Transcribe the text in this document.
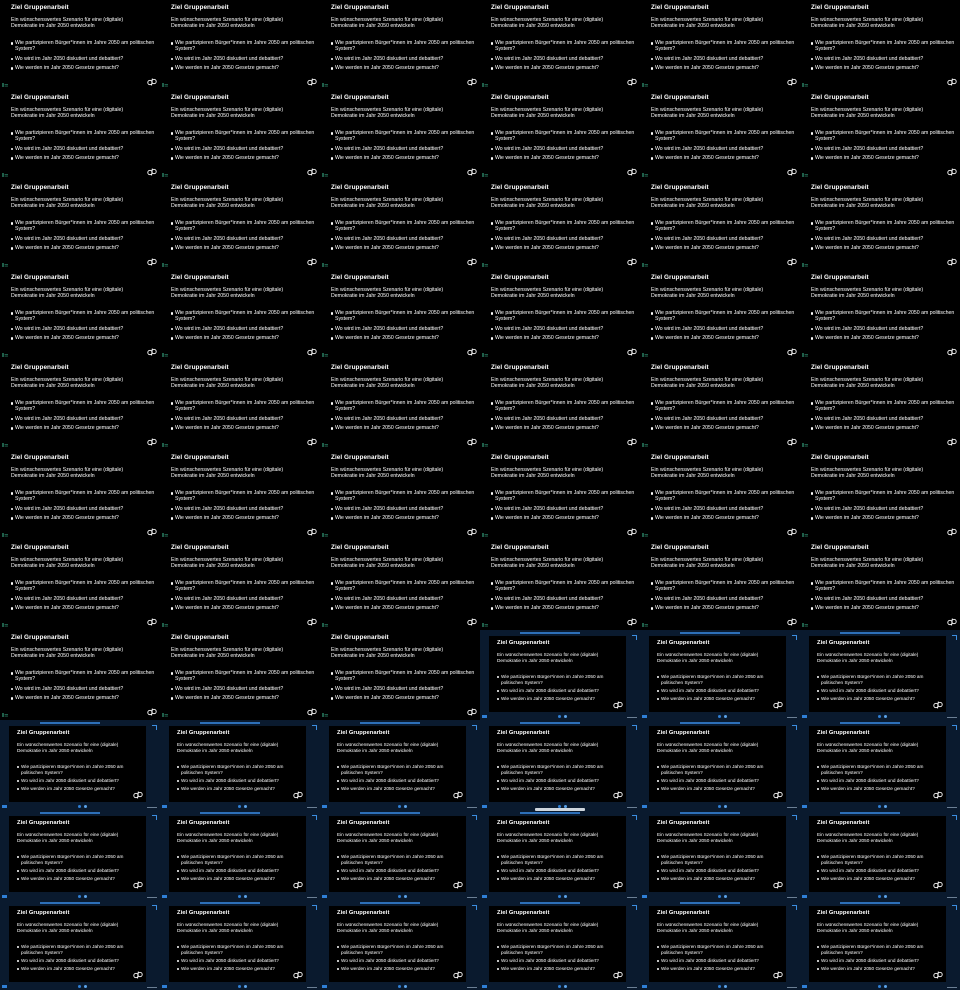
Ziel Gruppenarbeit
Ein wünschenswertes Szenario für eine (digitale) Demokratie im Jahr 2050 entwickeln
Wie partizipieren Bürger*innen im Jahre 2050 am politischen System?
Wo wird im Jahr 2050 diskutiert und debattiert?
Wie werden im Jahr 2050 Gesetze gemacht?
Ziel Gruppenarbeit
Ein wünschenswertes Szenario für eine (digitale) Demokratie im Jahr 2050 entwickeln
Wie partizipieren Bürger*innen im Jahre 2050 am politischen System?
Wo wird im Jahr 2050 diskutiert und debattiert?
Wie werden im Jahr 2050 Gesetze gemacht?
Ziel Gruppenarbeit
Ein wünschenswertes Szenario für eine (digitale) Demokratie im Jahr 2050 entwickeln
Wie partizipieren Bürger*innen im Jahre 2050 am politischen System?
Wo wird im Jahr 2050 diskutiert und debattiert?
Wie werden im Jahr 2050 Gesetze gemacht?
Ziel Gruppenarbeit
Ein wünschenswertes Szenario für eine (digitale) Demokratie im Jahr 2050 entwickeln
Wie partizipieren Bürger*innen im Jahre 2050 am politischen System?
Wo wird im Jahr 2050 diskutiert und debattiert?
Wie werden im Jahr 2050 Gesetze gemacht?
Ziel Gruppenarbeit
Ein wünschenswertes Szenario für eine (digitale) Demokratie im Jahr 2050 entwickeln
Wie partizipieren Bürger*innen im Jahre 2050 am politischen System?
Wo wird im Jahr 2050 diskutiert und debattiert?
Wie werden im Jahr 2050 Gesetze gemacht?
Ziel Gruppenarbeit
Ein wünschenswertes Szenario für eine (digitale) Demokratie im Jahr 2050 entwickeln
Wie partizipieren Bürger*innen im Jahre 2050 am politischen System?
Wo wird im Jahr 2050 diskutiert und debattiert?
Wie werden im Jahr 2050 Gesetze gemacht?
Ziel Gruppenarbeit
Ein wünschenswertes Szenario für eine (digitale) Demokratie im Jahr 2050 entwickeln
Wie partizipieren Bürger*innen im Jahre 2050 am politischen System?
Wo wird im Jahr 2050 diskutiert und debattiert?
Wie werden im Jahr 2050 Gesetze gemacht?
Ziel Gruppenarbeit
Ein wünschenswertes Szenario für eine (digitale) Demokratie im Jahr 2050 entwickeln
Wie partizipieren Bürger*innen im Jahre 2050 am politischen System?
Wo wird im Jahr 2050 diskutiert und debattiert?
Wie werden im Jahr 2050 Gesetze gemacht?
Ziel Gruppenarbeit
Ein wünschenswertes Szenario für eine (digitale) Demokratie im Jahr 2050 entwickeln
Wie partizipieren Bürger*innen im Jahre 2050 am politischen System?
Wo wird im Jahr 2050 diskutiert und debattiert?
Wie werden im Jahr 2050 Gesetze gemacht?
Ziel Gruppenarbeit
Ein wünschenswertes Szenario für eine (digitale) Demokratie im Jahr 2050 entwickeln
Wie partizipieren Bürger*innen im Jahre 2050 am politischen System?
Wo wird im Jahr 2050 diskutiert und debattiert?
Wie werden im Jahr 2050 Gesetze gemacht?
Ziel Gruppenarbeit
Ein wünschenswertes Szenario für eine (digitale) Demokratie im Jahr 2050 entwickeln
Wie partizipieren Bürger*innen im Jahre 2050 am politischen System?
Wo wird im Jahr 2050 diskutiert und debattiert?
Wie werden im Jahr 2050 Gesetze gemacht?
Ziel Gruppenarbeit
Ein wünschenswertes Szenario für eine (digitale) Demokratie im Jahr 2050 entwickeln
Wie partizipieren Bürger*innen im Jahre 2050 am politischen System?
Wo wird im Jahr 2050 diskutiert und debattiert?
Wie werden im Jahr 2050 Gesetze gemacht?
Ziel Gruppenarbeit
Ein wünschenswertes Szenario für eine (digitale) Demokratie im Jahr 2050 entwickeln
Wie partizipieren Bürger*innen im Jahre 2050 am politischen System?
Wo wird im Jahr 2050 diskutiert und debattiert?
Wie werden im Jahr 2050 Gesetze gemacht?
Ziel Gruppenarbeit
Ein wünschenswertes Szenario für eine (digitale) Demokratie im Jahr 2050 entwickeln
Wie partizipieren Bürger*innen im Jahre 2050 am politischen System?
Wo wird im Jahr 2050 diskutiert und debattiert?
Wie werden im Jahr 2050 Gesetze gemacht?
Ziel Gruppenarbeit
Ein wünschenswertes Szenario für eine (digitale) Demokratie im Jahr 2050 entwickeln
Wie partizipieren Bürger*innen im Jahre 2050 am politischen System?
Wo wird im Jahr 2050 diskutiert und debattiert?
Wie werden im Jahr 2050 Gesetze gemacht?
Ziel Gruppenarbeit
Ein wünschenswertes Szenario für eine (digitale) Demokratie im Jahr 2050 entwickeln
Wie partizipieren Bürger*innen im Jahre 2050 am politischen System?
Wo wird im Jahr 2050 diskutiert und debattiert?
Wie werden im Jahr 2050 Gesetze gemacht?
Ziel Gruppenarbeit
Ein wünschenswertes Szenario für eine (digitale) Demokratie im Jahr 2050 entwickeln
Wie partizipieren Bürger*innen im Jahre 2050 am politischen System?
Wo wird im Jahr 2050 diskutiert und debattiert?
Wie werden im Jahr 2050 Gesetze gemacht?
Ziel Gruppenarbeit
Ein wünschenswertes Szenario für eine (digitale) Demokratie im Jahr 2050 entwickeln
Wie partizipieren Bürger*innen im Jahre 2050 am politischen System?
Wo wird im Jahr 2050 diskutiert und debattiert?
Wie werden im Jahr 2050 Gesetze gemacht?
Ziel Gruppenarbeit
Ein wünschenswertes Szenario für eine (digitale) Demokratie im Jahr 2050 entwickeln
Wie partizipieren Bürger*innen im Jahre 2050 am politischen System?
Wo wird im Jahr 2050 diskutiert und debattiert?
Wie werden im Jahr 2050 Gesetze gemacht?
Ziel Gruppenarbeit
Ein wünschenswertes Szenario für eine (digitale) Demokratie im Jahr 2050 entwickeln
Wie partizipieren Bürger*innen im Jahre 2050 am politischen System?
Wo wird im Jahr 2050 diskutiert und debattiert?
Wie werden im Jahr 2050 Gesetze gemacht?
Ziel Gruppenarbeit
Ein wünschenswertes Szenario für eine (digitale) Demokratie im Jahr 2050 entwickeln
Wie partizipieren Bürger*innen im Jahre 2050 am politischen System?
Wo wird im Jahr 2050 diskutiert und debattiert?
Wie werden im Jahr 2050 Gesetze gemacht?
Ziel Gruppenarbeit
Ein wünschenswertes Szenario für eine (digitale) Demokratie im Jahr 2050 entwickeln
Wie partizipieren Bürger*innen im Jahre 2050 am politischen System?
Wo wird im Jahr 2050 diskutiert und debattiert?
Wie werden im Jahr 2050 Gesetze gemacht?
Ziel Gruppenarbeit
Ein wünschenswertes Szenario für eine (digitale) Demokratie im Jahr 2050 entwickeln
Wie partizipieren Bürger*innen im Jahre 2050 am politischen System?
Wo wird im Jahr 2050 diskutiert und debattiert?
Wie werden im Jahr 2050 Gesetze gemacht?
Ziel Gruppenarbeit
Ein wünschenswertes Szenario für eine (digitale) Demokratie im Jahr 2050 entwickeln
Wie partizipieren Bürger*innen im Jahre 2050 am politischen System?
Wo wird im Jahr 2050 diskutiert und debattiert?
Wie werden im Jahr 2050 Gesetze gemacht?
Ziel Gruppenarbeit
Ein wünschenswertes Szenario für eine (digitale) Demokratie im Jahr 2050 entwickeln
Wie partizipieren Bürger*innen im Jahre 2050 am politischen System?
Wo wird im Jahr 2050 diskutiert und debattiert?
Wie werden im Jahr 2050 Gesetze gemacht?
Ziel Gruppenarbeit
Ein wünschenswertes Szenario für eine (digitale) Demokratie im Jahr 2050 entwickeln
Wie partizipieren Bürger*innen im Jahre 2050 am politischen System?
Wo wird im Jahr 2050 diskutiert und debattiert?
Wie werden im Jahr 2050 Gesetze gemacht?
Ziel Gruppenarbeit
Ein wünschenswertes Szenario für eine (digitale) Demokratie im Jahr 2050 entwickeln
Wie partizipieren Bürger*innen im Jahre 2050 am politischen System?
Wo wird im Jahr 2050 diskutiert und debattiert?
Wie werden im Jahr 2050 Gesetze gemacht?
Ziel Gruppenarbeit
Ein wünschenswertes Szenario für eine (digitale) Demokratie im Jahr 2050 entwickeln
Wie partizipieren Bürger*innen im Jahre 2050 am politischen System?
Wo wird im Jahr 2050 diskutiert und debattiert?
Wie werden im Jahr 2050 Gesetze gemacht?
Ziel Gruppenarbeit
Ein wünschenswertes Szenario für eine (digitale) Demokratie im Jahr 2050 entwickeln
Wie partizipieren Bürger*innen im Jahre 2050 am politischen System?
Wo wird im Jahr 2050 diskutiert und debattiert?
Wie werden im Jahr 2050 Gesetze gemacht?
Ziel Gruppenarbeit
Ein wünschenswertes Szenario für eine (digitale) Demokratie im Jahr 2050 entwickeln
Wie partizipieren Bürger*innen im Jahre 2050 am politischen System?
Wo wird im Jahr 2050 diskutiert und debattiert?
Wie werden im Jahr 2050 Gesetze gemacht?
Ziel Gruppenarbeit
Ein wünschenswertes Szenario für eine (digitale) Demokratie im Jahr 2050 entwickeln
Wie partizipieren Bürger*innen im Jahre 2050 am politischen System?
Wo wird im Jahr 2050 diskutiert und debattiert?
Wie werden im Jahr 2050 Gesetze gemacht?
Ziel Gruppenarbeit
Ein wünschenswertes Szenario für eine (digitale) Demokratie im Jahr 2050 entwickeln
Wie partizipieren Bürger*innen im Jahre 2050 am politischen System?
Wo wird im Jahr 2050 diskutiert und debattiert?
Wie werden im Jahr 2050 Gesetze gemacht?
Ziel Gruppenarbeit
Ein wünschenswertes Szenario für eine (digitale) Demokratie im Jahr 2050 entwickeln
Wie partizipieren Bürger*innen im Jahre 2050 am politischen System?
Wo wird im Jahr 2050 diskutiert und debattiert?
Wie werden im Jahr 2050 Gesetze gemacht?
Ziel Gruppenarbeit
Ein wünschenswertes Szenario für eine (digitale) Demokratie im Jahr 2050 entwickeln
Wie partizipieren Bürger*innen im Jahre 2050 am politischen System?
Wo wird im Jahr 2050 diskutiert und debattiert?
Wie werden im Jahr 2050 Gesetze gemacht?
Ziel Gruppenarbeit
Ein wünschenswertes Szenario für eine (digitale) Demokratie im Jahr 2050 entwickeln
Wie partizipieren Bürger*innen im Jahre 2050 am politischen System?
Wo wird im Jahr 2050 diskutiert und debattiert?
Wie werden im Jahr 2050 Gesetze gemacht?
Ziel Gruppenarbeit
Ein wünschenswertes Szenario für eine (digitale) Demokratie im Jahr 2050 entwickeln
Wie partizipieren Bürger*innen im Jahre 2050 am politischen System?
Wo wird im Jahr 2050 diskutiert und debattiert?
Wie werden im Jahr 2050 Gesetze gemacht?
Ziel Gruppenarbeit
Ein wünschenswertes Szenario für eine (digitale) Demokratie im Jahr 2050 entwickeln
Wie partizipieren Bürger*innen im Jahre 2050 am politischen System?
Wo wird im Jahr 2050 diskutiert und debattiert?
Wie werden im Jahr 2050 Gesetze gemacht?
Ziel Gruppenarbeit
Ein wünschenswertes Szenario für eine (digitale) Demokratie im Jahr 2050 entwickeln
Wie partizipieren Bürger*innen im Jahre 2050 am politischen System?
Wo wird im Jahr 2050 diskutiert und debattiert?
Wie werden im Jahr 2050 Gesetze gemacht?
Ziel Gruppenarbeit
Ein wünschenswertes Szenario für eine (digitale) Demokratie im Jahr 2050 entwickeln
Wie partizipieren Bürger*innen im Jahre 2050 am politischen System?
Wo wird im Jahr 2050 diskutiert und debattiert?
Wie werden im Jahr 2050 Gesetze gemacht?
Ziel Gruppenarbeit
Ein wünschenswertes Szenario für eine (digitale) Demokratie im Jahr 2050 entwickeln
Wie partizipieren Bürger*innen im Jahre 2050 am politischen System?
Wo wird im Jahr 2050 diskutiert und debattiert?
Wie werden im Jahr 2050 Gesetze gemacht?
Ziel Gruppenarbeit
Ein wünschenswertes Szenario für eine (digitale) Demokratie im Jahr 2050 entwickeln
Wie partizipieren Bürger*innen im Jahre 2050 am politischen System?
Wo wird im Jahr 2050 diskutiert und debattiert?
Wie werden im Jahr 2050 Gesetze gemacht?
Ziel Gruppenarbeit
Ein wünschenswertes Szenario für eine (digitale) Demokratie im Jahr 2050 entwickeln
Wie partizipieren Bürger*innen im Jahre 2050 am politischen System?
Wo wird im Jahr 2050 diskutiert und debattiert?
Wie werden im Jahr 2050 Gesetze gemacht?
Ziel Gruppenarbeit
Ein wünschenswertes Szenario für eine (digitale) Demokratie im Jahr 2050 entwickeln
Wie partizipieren Bürger*innen im Jahre 2050 am politischen System?
Wo wird im Jahr 2050 diskutiert und debattiert?
Wie werden im Jahr 2050 Gesetze gemacht?
Ziel Gruppenarbeit
Ein wünschenswertes Szenario für eine (digitale) Demokratie im Jahr 2050 entwickeln
Wie partizipieren Bürger*innen im Jahre 2050 am politischen System?
Wo wird im Jahr 2050 diskutiert und debattiert?
Wie werden im Jahr 2050 Gesetze gemacht?
Ziel Gruppenarbeit
Ein wünschenswertes Szenario für eine (digitale) Demokratie im Jahr 2050 entwickeln
Wie partizipieren Bürger*innen im Jahre 2050 am politischen System?
Wo wird im Jahr 2050 diskutiert und debattiert?
Wie werden im Jahr 2050 Gesetze gemacht?
Ziel Gruppenarbeit
Ein wünschenswertes Szenario für eine (digitale) Demokratie im Jahr 2050 entwickeln
Wie partizipieren Bürger*innen im Jahre 2050 am politischen System?
Wo wird im Jahr 2050 diskutiert und debattiert?
Wie werden im Jahr 2050 Gesetze gemacht?
Ziel Gruppenarbeit
Ein wünschenswertes Szenario für eine (digitale) Demokratie im Jahr 2050 entwickeln
Wie partizipieren Bürger*innen im Jahre 2050 am politischen System?
Wo wird im Jahr 2050 diskutiert und debattiert?
Wie werden im Jahr 2050 Gesetze gemacht?
Ziel Gruppenarbeit
Ein wünschenswertes Szenario für eine (digitale) Demokratie im Jahr 2050 entwickeln
Wie partizipieren Bürger*innen im Jahre 2050 am politischen System?
Wo wird im Jahr 2050 diskutiert und debattiert?
Wie werden im Jahr 2050 Gesetze gemacht?
Ziel Gruppenarbeit
Ein wünschenswertes Szenario für eine (digitale) Demokratie im Jahr 2050 entwickeln
Wie partizipieren Bürger*innen im Jahre 2050 am politischen System?
Wo wird im Jahr 2050 diskutiert und debattiert?
Wie werden im Jahr 2050 Gesetze gemacht?
Ziel Gruppenarbeit
Ein wünschenswertes Szenario für eine (digitale) Demokratie im Jahr 2050 entwickeln
Wie partizipieren Bürger*innen im Jahre 2050 am politischen System?
Wo wird im Jahr 2050 diskutiert und debattiert?
Wie werden im Jahr 2050 Gesetze gemacht?
Ziel Gruppenarbeit
Ein wünschenswertes Szenario für eine (digitale) Demokratie im Jahr 2050 entwickeln
Wie partizipieren Bürger*innen im Jahre 2050 am politischen System?
Wo wird im Jahr 2050 diskutiert und debattiert?
Wie werden im Jahr 2050 Gesetze gemacht?
Ziel Gruppenarbeit
Ein wünschenswertes Szenario für eine (digitale) Demokratie im Jahr 2050 entwickeln
Wie partizipieren Bürger*innen im Jahre 2050 am politischen System?
Wo wird im Jahr 2050 diskutiert und debattiert?
Wie werden im Jahr 2050 Gesetze gemacht?
Ziel Gruppenarbeit
Ein wünschenswertes Szenario für eine (digitale) Demokratie im Jahr 2050 entwickeln
Wie partizipieren Bürger*innen im Jahre 2050 am politischen System?
Wo wird im Jahr 2050 diskutiert und debattiert?
Wie werden im Jahr 2050 Gesetze gemacht?
Ziel Gruppenarbeit
Ein wünschenswertes Szenario für eine (digitale) Demokratie im Jahr 2050 entwickeln
Wie partizipieren Bürger*innen im Jahre 2050 am politischen System?
Wo wird im Jahr 2050 diskutiert und debattiert?
Wie werden im Jahr 2050 Gesetze gemacht?
Ziel Gruppenarbeit
Ein wünschenswertes Szenario für eine (digitale) Demokratie im Jahr 2050 entwickeln
Wie partizipieren Bürger*innen im Jahre 2050 am politischen System?
Wo wird im Jahr 2050 diskutiert und debattiert?
Wie werden im Jahr 2050 Gesetze gemacht?
Ziel Gruppenarbeit
Ein wünschenswertes Szenario für eine (digitale) Demokratie im Jahr 2050 entwickeln
Wie partizipieren Bürger*innen im Jahre 2050 am politischen System?
Wo wird im Jahr 2050 diskutiert und debattiert?
Wie werden im Jahr 2050 Gesetze gemacht?
Ziel Gruppenarbeit
Ein wünschenswertes Szenario für eine (digitale) Demokratie im Jahr 2050 entwickeln
Wie partizipieren Bürger*innen im Jahre 2050 am politischen System?
Wo wird im Jahr 2050 diskutiert und debattiert?
Wie werden im Jahr 2050 Gesetze gemacht?
Ziel Gruppenarbeit
Ein wünschenswertes Szenario für eine (digitale) Demokratie im Jahr 2050 entwickeln
Wie partizipieren Bürger*innen im Jahre 2050 am politischen System?
Wo wird im Jahr 2050 diskutiert und debattiert?
Wie werden im Jahr 2050 Gesetze gemacht?
Ziel Gruppenarbeit
Ein wünschenswertes Szenario für eine (digitale) Demokratie im Jahr 2050 entwickeln
Wie partizipieren Bürger*innen im Jahre 2050 am politischen System?
Wo wird im Jahr 2050 diskutiert und debattiert?
Wie werden im Jahr 2050 Gesetze gemacht?
Ziel Gruppenarbeit
Ein wünschenswertes Szenario für eine (digitale) Demokratie im Jahr 2050 entwickeln
Wie partizipieren Bürger*innen im Jahre 2050 am politischen System?
Wo wird im Jahr 2050 diskutiert und debattiert?
Wie werden im Jahr 2050 Gesetze gemacht?
Ziel Gruppenarbeit
Ein wünschenswertes Szenario für eine (digitale) Demokratie im Jahr 2050 entwickeln
Wie partizipieren Bürger*innen im Jahre 2050 am politischen System?
Wo wird im Jahr 2050 diskutiert und debattiert?
Wie werden im Jahr 2050 Gesetze gemacht?
Ziel Gruppenarbeit
Ein wünschenswertes Szenario für eine (digitale) Demokratie im Jahr 2050 entwickeln
Wie partizipieren Bürger*innen im Jahre 2050 am politischen System?
Wo wird im Jahr 2050 diskutiert und debattiert?
Wie werden im Jahr 2050 Gesetze gemacht?
Ziel Gruppenarbeit
Ein wünschenswertes Szenario für eine (digitale) Demokratie im Jahr 2050 entwickeln
Wie partizipieren Bürger*innen im Jahre 2050 am politischen System?
Wo wird im Jahr 2050 diskutiert und debattiert?
Wie werden im Jahr 2050 Gesetze gemacht?
Ziel Gruppenarbeit
Ein wünschenswertes Szenario für eine (digitale) Demokratie im Jahr 2050 entwickeln
Wie partizipieren Bürger*innen im Jahre 2050 am politischen System?
Wo wird im Jahr 2050 diskutiert und debattiert?
Wie werden im Jahr 2050 Gesetze gemacht?
Ziel Gruppenarbeit
Ein wünschenswertes Szenario für eine (digitale) Demokratie im Jahr 2050 entwickeln
Wie partizipieren Bürger*innen im Jahre 2050 am politischen System?
Wo wird im Jahr 2050 diskutiert und debattiert?
Wie werden im Jahr 2050 Gesetze gemacht?
Ziel Gruppenarbeit
Ein wünschenswertes Szenario für eine (digitale) Demokratie im Jahr 2050 entwickeln
Wie partizipieren Bürger*innen im Jahre 2050 am politischen System?
Wo wird im Jahr 2050 diskutiert und debattiert?
Wie werden im Jahr 2050 Gesetze gemacht?
